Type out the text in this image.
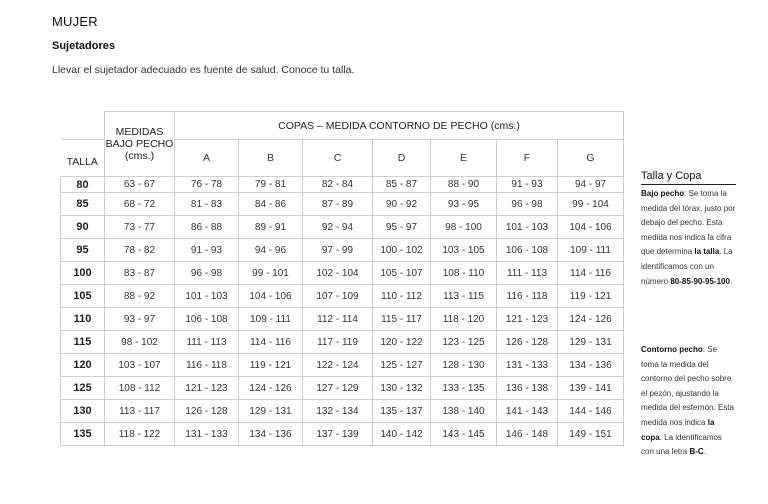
MUJER
Sujetadores
Llevar el sujetador adecuado es fuente de salud. Conoce tu talla.
	MEDIDAS BAJO PECHO (cms.)	COPAS – MEDIDA CONTORNO DE PECHO (cms.)						
TALLA		A	B	C	D	E	F	G
80	63 - 67	76 - 78	79 - 81	82 - 84	85 - 87	88 - 90	91 - 93	94 - 97
85	68 - 72	81 - 83	84 - 86	87 - 89	90 - 92	93 - 95	96 - 98	99 - 104
90	73 - 77	86 - 88	89 - 91	92 - 94	95 - 97	98 - 100	101 - 103	104 - 106
95	78 - 82	91 - 93	94 - 96	97 - 99	100 - 102	103 - 105	106 - 108	109 - 111
100	83 - 87	96 - 98	99 - 101	102 - 104	105 - 107	108 - 110	111 - 113	114 - 116
105	88 - 92	101 - 103	104 - 106	107 - 109	110 - 112	113 - 115	116 - 118	119 - 121
110	93 - 97	106 - 108	109 - 111	112 - 114	115 - 117	118 - 120	121 - 123	124 - 126
115	98 - 102	111 - 113	114 - 116	117 - 119	120 - 122	123 - 125	126 - 128	129 - 131
120	103 - 107	116 - 118	119 - 121	122 - 124	125 - 127	128 - 130	131 - 133	134 - 136
125	108 - 112	121 - 123	124 - 126	127 - 129	130 - 132	133 - 135	136 - 138	139 - 141
130	113 - 117	126 - 128	129 - 131	132 - 134	135 - 137	138 - 140	141 - 143	144 - 146
135	118 - 122	131 - 133	134 - 136	137 - 139	140 - 142	143 - 145	146 - 148	149 - 151
Talla y Copa
Bajo pecho: Se toma la medida del tórax, justo por debajo del pecho. Esta medida nos indica la cifra que determina la talla. La identificamos con un número 80-85-90-95-100.
Contorno pecho: Se toma la medida del contorno del pecho sobre el pezón, ajustando la medida del esternón. Esta medida nos indica la copa. La identificamos con una letra B-C.
